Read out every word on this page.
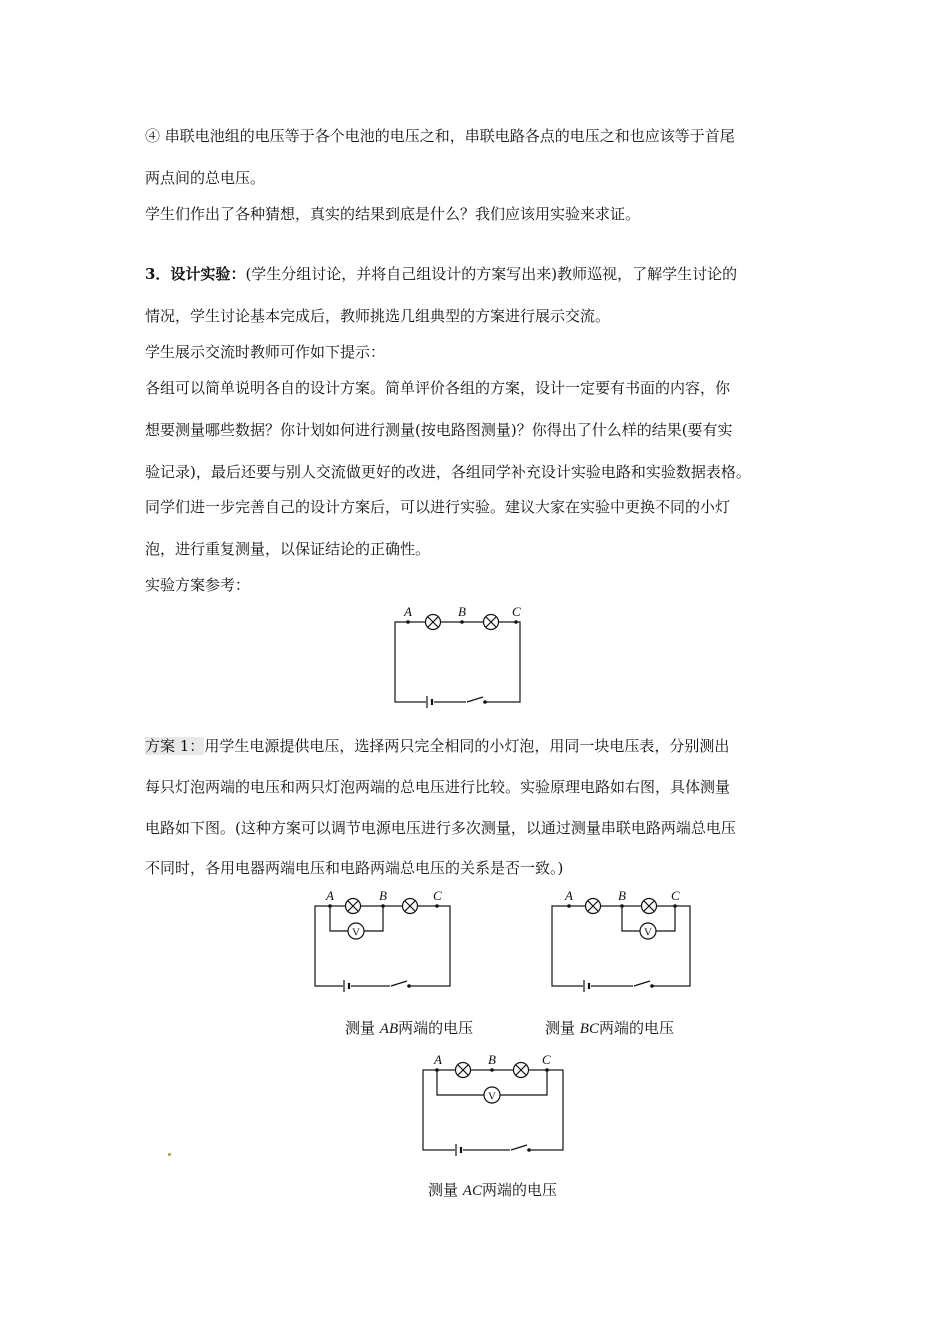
④ 串联电池组的电压等于各个电池的电压之和，串联电路各点的电压之和也应该等于首尾
两点间的总电压。
学生们作出了各种猜想，真实的结果到底是什么？我们应该用实验来求证。
3．设计实验：(学生分组讨论，并将自己组设计的方案写出来)教师巡视，了解学生讨论的
情况，学生讨论基本完成后，教师挑选几组典型的方案进行展示交流。
学生展示交流时教师可作如下提示：
各组可以简单说明各自的设计方案。简单评价各组的方案，设计一定要有书面的内容，你
想要测量哪些数据？你计划如何进行测量(按电路图测量)？你得出了什么样的结果(要有实
验记录)，最后还要与别人交流做更好的改进，各组同学补充设计实验电路和实验数据表格。
同学们进一步完善自己的设计方案后，可以进行实验。建议大家在实验中更换不同的小灯
泡，进行重复测量，以保证结论的正确性。
实验方案参考：
A	B	C
方案 1：用学生电源提供电压，选择两只完全相同的小灯泡，用同一块电压表，分别测出
每只灯泡两端的电压和两只灯泡两端的总电压进行比较。实验原理电路如右图，具体测量
电路如下图。(这种方案可以调节电源电压进行多次测量，以通过测量串联电路两端总电压
不同时，各用电器两端电压和电路两端总电压的关系是否一致。)
V
A	B	C
V
A	B	C
测量 AB两端的电压	测量 BC两端的电压
V
A	B	C
测量 AC两端的电压
